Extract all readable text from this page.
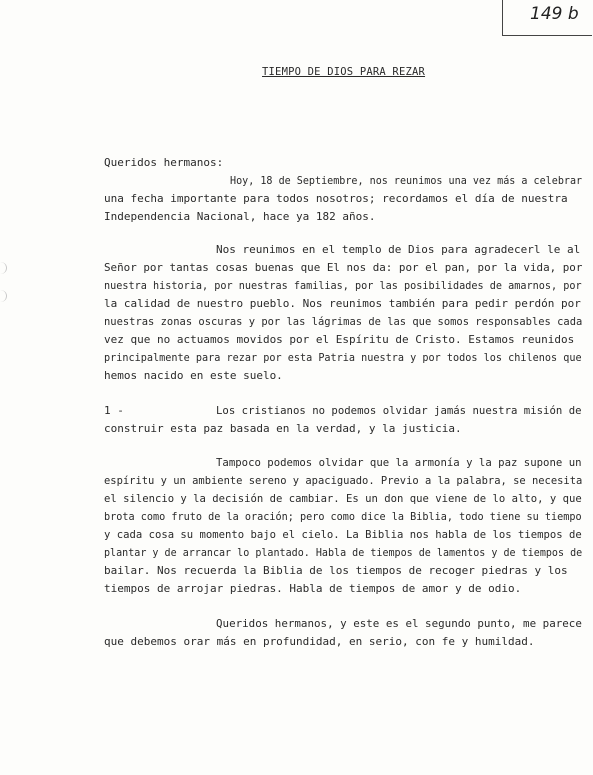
149 b
TIEMPO DE DIOS PARA REZAR
Queridos hermanos:
Hoy, 18 de Septiembre, nos reunimos una vez más a celebrar
una fecha importante para todos nosotros; recordamos el día de nuestra
Independencia Nacional, hace ya 182 años.
Nos reunimos en el templo de Dios para agradecerl le al
Señor por tantas cosas buenas que El nos da: por el pan, por la vida, por
nuestra historia, por nuestras familias, por las posibilidades de amarnos, por
la calidad de nuestro pueblo. Nos reunimos también para pedir perdón por
nuestras zonas oscuras y por las lágrimas de las que somos responsables cada
vez que no actuamos movidos por el Espíritu de Cristo. Estamos reunidos
principalmente para rezar por esta Patria nuestra y por todos los chilenos que
hemos nacido en este suelo.
1 -	Los cristianos no podemos olvidar jamás nuestra misión de
construir esta paz basada en la verdad, y la justicia.
Tampoco podemos olvidar que la armonía y la paz supone un
espíritu y un ambiente sereno y apaciguado. Previo a la palabra, se necesita
el silencio y la decisión de cambiar. Es un don que viene de lo alto, y que
brota como fruto de la oración; pero como dice la Biblia, todo tiene su tiempo
y cada cosa su momento bajo el cielo. La Biblia nos habla de los tiempos de
plantar y de arrancar lo plantado. Habla de tiempos de lamentos y de tiempos de
bailar. Nos recuerda la Biblia de los tiempos de recoger piedras y los
tiempos de arrojar piedras. Habla de tiempos de amor y de odio.
Queridos hermanos, y este es el segundo punto, me parece
que debemos orar más en profundidad, en serio, con fe y humildad.
